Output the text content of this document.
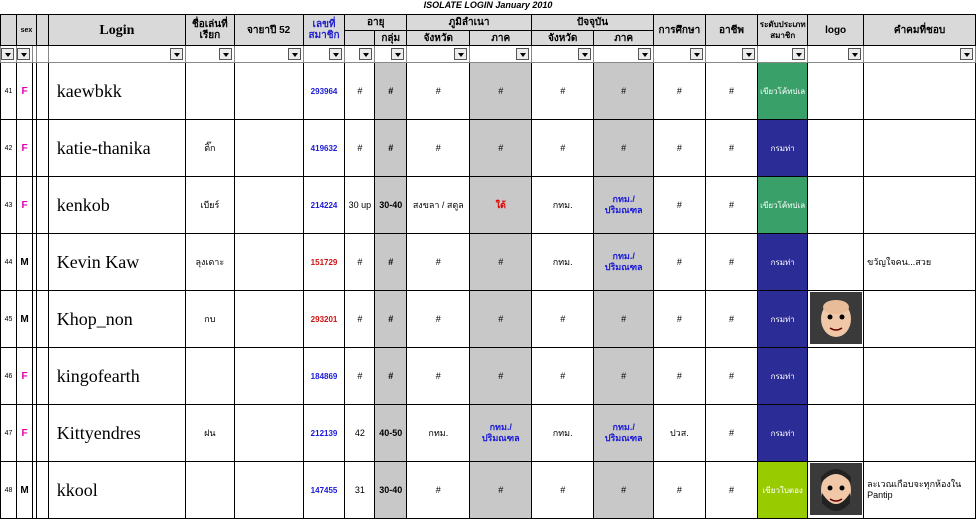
ISOLATE LOGIN January 2010
	sex			Login	ชื่อเล่นที่เรียก	จายาปี 52	เลขที่สมาชิก	อายุ		ภูมิลำเนา		ปัจจุบัน		การศึกษา	อาชีพ	ระดับประเภทสมาชิก	logo	คำคมที่ชอบ
									กลุ่ม	จังหวัด	ภาค	จังหวัด	ภาค					

41	F			kaewbkk			293964	#	#	#	#	#	#	#	#	เขียวโค้ทบ่เล		
42	F			katie-thanika	ติ๊ก		419632	#	#	#	#	#	#	#	#	กรมท่า		
43	F			kenkob	เบียร์		214224	30 up	30-40	สงขลา / สตูล	ใต้	กทม.	กทม./ ปริมณฑล	#	#	เขียวโค้ทบ่เล		
44	M			Kevin Kaw	ลุงเดาะ		151729	#	#	#	#	กทม.	กทม./ ปริมณฑล	#	#	กรมท่า		ขวัญใจคน...สวย
45	M			Khop_non	กบ		293201	#	#	#	#	#	#	#	#	กรมท่า		
46	F			kingofearth			184869	#	#	#	#	#	#	#	#	กรมท่า		
47	F			Kittyendres	ฝน		212139	42	40-50	กทม.	กทม./ ปริมณฑล	กทม.	กทม./ ปริมณฑล	ปวส.	#	กรมท่า		
48	M			kkool			147455	31	30-40	#	#	#	#	#	#	เขียวใบตอง		ละเวณเกือบจะทุกห้องใน Pantip
